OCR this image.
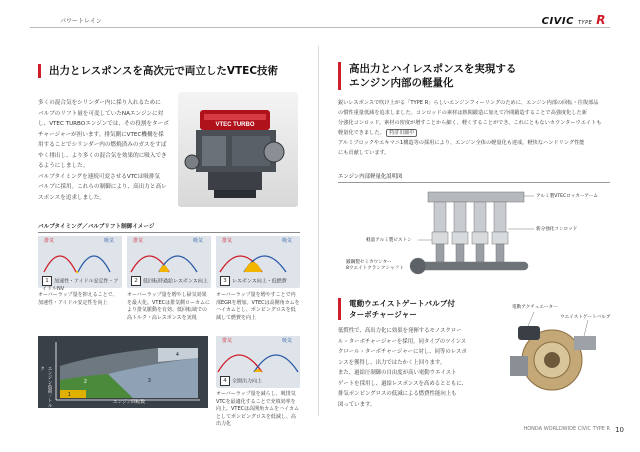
パワートレイン	CIVIC TYPE R
出力とレスポンスを高次元で両立したVTEC技術
多くの混合気をシリンダー内に採り入れるために
バルブのリフト量を可変していたNAエンジンに対
し、VTEC TURBOエンジンでは、その役割をターボ
チャージャーが担います。排気側にVTEC機構を採
用することでシリンダー内の燃焼済みのガスをすば
やく排出し、より多くの混合気を効果的に吸入でき
るようにしました。
バルブタイミングを連続可変させるVTCは吸排気
バルブに採用。これらの制御により、高出力と高レ
スポンスを追求しました。
VTEC TURBO
バルブタイミング／バルブリフト制御イメージ
1 加速性・アイドル安定性・アイドルNV
排気	吸気
オーバーラップ量を抑えることで、加速性・アイドル安定性を向上
2 低回転時過給レスポンス向上
排気	吸気
オーバーラップ量を増やし掃気効果を最大化。VTECは排気側ローカムにより排気脈動を有効、低回転域での高トルク・高レスポンスを実現
3 レスポンス向上・低燃費
排気	吸気
オーバーラップ量を増やすことで内部EGRを増加。VTECは高開角カムをハイカムとし、ポンピングロスを低減して燃費を向上
1
2	3
4
エンジン回転数
エンジン負荷・トルク
4 全開出力向上
排気	吸気
オーバーラップ量を減らし、吸排気VTCを最適化することで充填効率を向上。VTECは高開角カムをハイカムとしてポンピングロスを低減し、高出力化
高出力とハイレスポンスを実現する
エンジン内部の軽量化
鋭いレスポンスで吹け上がる「TYPE R」らしいエンジンフィーリングのために、エンジン内部の回転・往復部品
の慣性重量低減を追求しました。コンロッドの素材は熱間鍛造に加えて冷間鍛造することで高強度化した新
分強化コンロッド。素材の密度が増すことから細く、軽くすることができ、これにともないカウンターウエイトも
軽量化できました。 特許出願中
アルミブロックやエキマニ1構造等の採用により、エンジン全体の軽量化も達成。軽快なハンドリング性能
にも貢献しています。
エンジン内部軽量化説明図
アルミ製VTECロッカーアーム
新分強化コンロッド
軽量アルミ製ピストン
鍛鋼製セミカウンター
8ウエイトクランクシャフト
電動ウエイストゲートバルブ付
ターボチャージャー
低慣性で、高出力化に効果を発揮するモノスクロー
ル・ターボチャージャーを採用。同タイプのツインス
クロール・ターボチャージャーに対し、同等のレスポ
ンスを獲得し、出力ではたかく上回ります。
また、過給圧制御の自由度が高い電動ウエイスト
ゲートを採用し、過給レスポンスを高めるとともに、
排気ポンピングロスの低減による燃費性能向上も
図っています。
電動アクチュエーター
ウエイストゲートバルブ
HONDA WORLDWIDE CIVIC TYPE R 10
